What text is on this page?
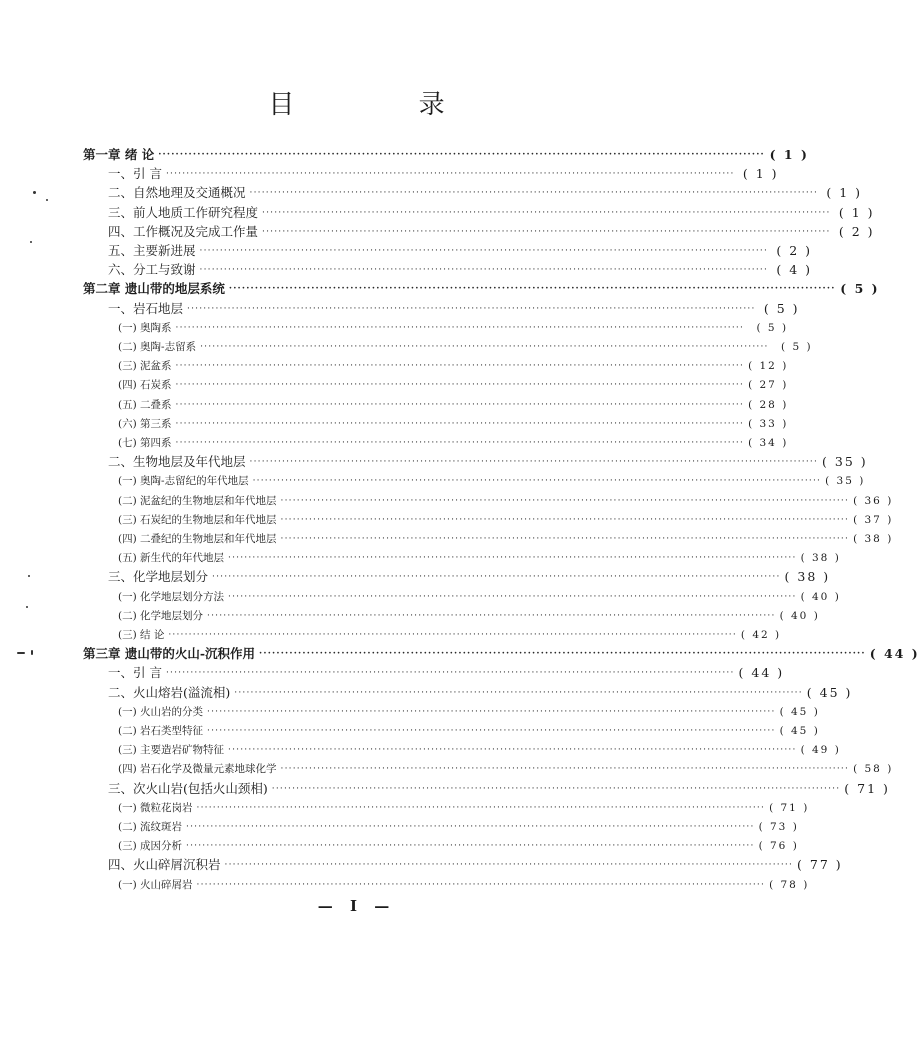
目 录
第一章 绪 论 ············································································································································ ( 1 )
一、引 言 ············································································································································ ( 1 )
二、自然地理及交通概况 ············································································································································ ( 1 )
三、前人地质工作研究程度 ············································································································································ ( 1 )
四、工作概况及完成工作量 ············································································································································ ( 2 )
五、主要新进展 ············································································································································ ( 2 )
六、分工与致谢 ············································································································································ ( 4 )
第二章 遗山带的地层系统 ············································································································································ ( 5 )
一、岩石地层 ············································································································································ ( 5 )
(一) 奥陶系 ············································································································································	( 5 )
(二) 奥陶-志留系 ············································································································································	( 5 )
(三) 泥盆系 ············································································································································ ( 12 )
(四) 石炭系 ············································································································································ ( 27 )
(五) 二叠系 ············································································································································ ( 28 )
(六) 第三系 ············································································································································ ( 33 )
(七) 第四系 ············································································································································ ( 34 )
二、生物地层及年代地层 ············································································································································ ( 35 )
(一) 奥陶-志留纪的年代地层 ············································································································································ ( 35 )
(二) 泥盆纪的生物地层和年代地层 ············································································································································ ( 36 )
(三) 石炭纪的生物地层和年代地层 ············································································································································ ( 37 )
(四) 二叠纪的生物地层和年代地层 ············································································································································ ( 38 )
(五) 新生代的年代地层 ············································································································································ ( 38 )
三、化学地层划分 ············································································································································ ( 38 )
(一) 化学地层划分方法 ············································································································································ ( 40 )
(二) 化学地层划分 ············································································································································ ( 40 )
(三) 结 论 ············································································································································ ( 42 )
第三章 遗山带的火山-沉积作用 ············································································································································ ( 44 )
一、引 言 ············································································································································ ( 44 )
二、火山熔岩(溢流相) ············································································································································ ( 45 )
(一) 火山岩的分类 ············································································································································ ( 45 )
(二) 岩石类型特征 ············································································································································ ( 45 )
(三) 主要造岩矿物特征 ············································································································································ ( 49 )
(四) 岩石化学及微量元素地球化学 ············································································································································ ( 58 )
三、次火山岩(包括火山颈相) ············································································································································ ( 71 )
(一) 微粒花岗岩 ············································································································································ ( 71 )
(二) 流纹斑岩 ············································································································································ ( 73 )
(三) 成因分析 ············································································································································ ( 76 )
四、火山碎屑沉积岩 ············································································································································ ( 77 )
(一) 火山碎屑岩 ············································································································································ ( 78 )
— I —
